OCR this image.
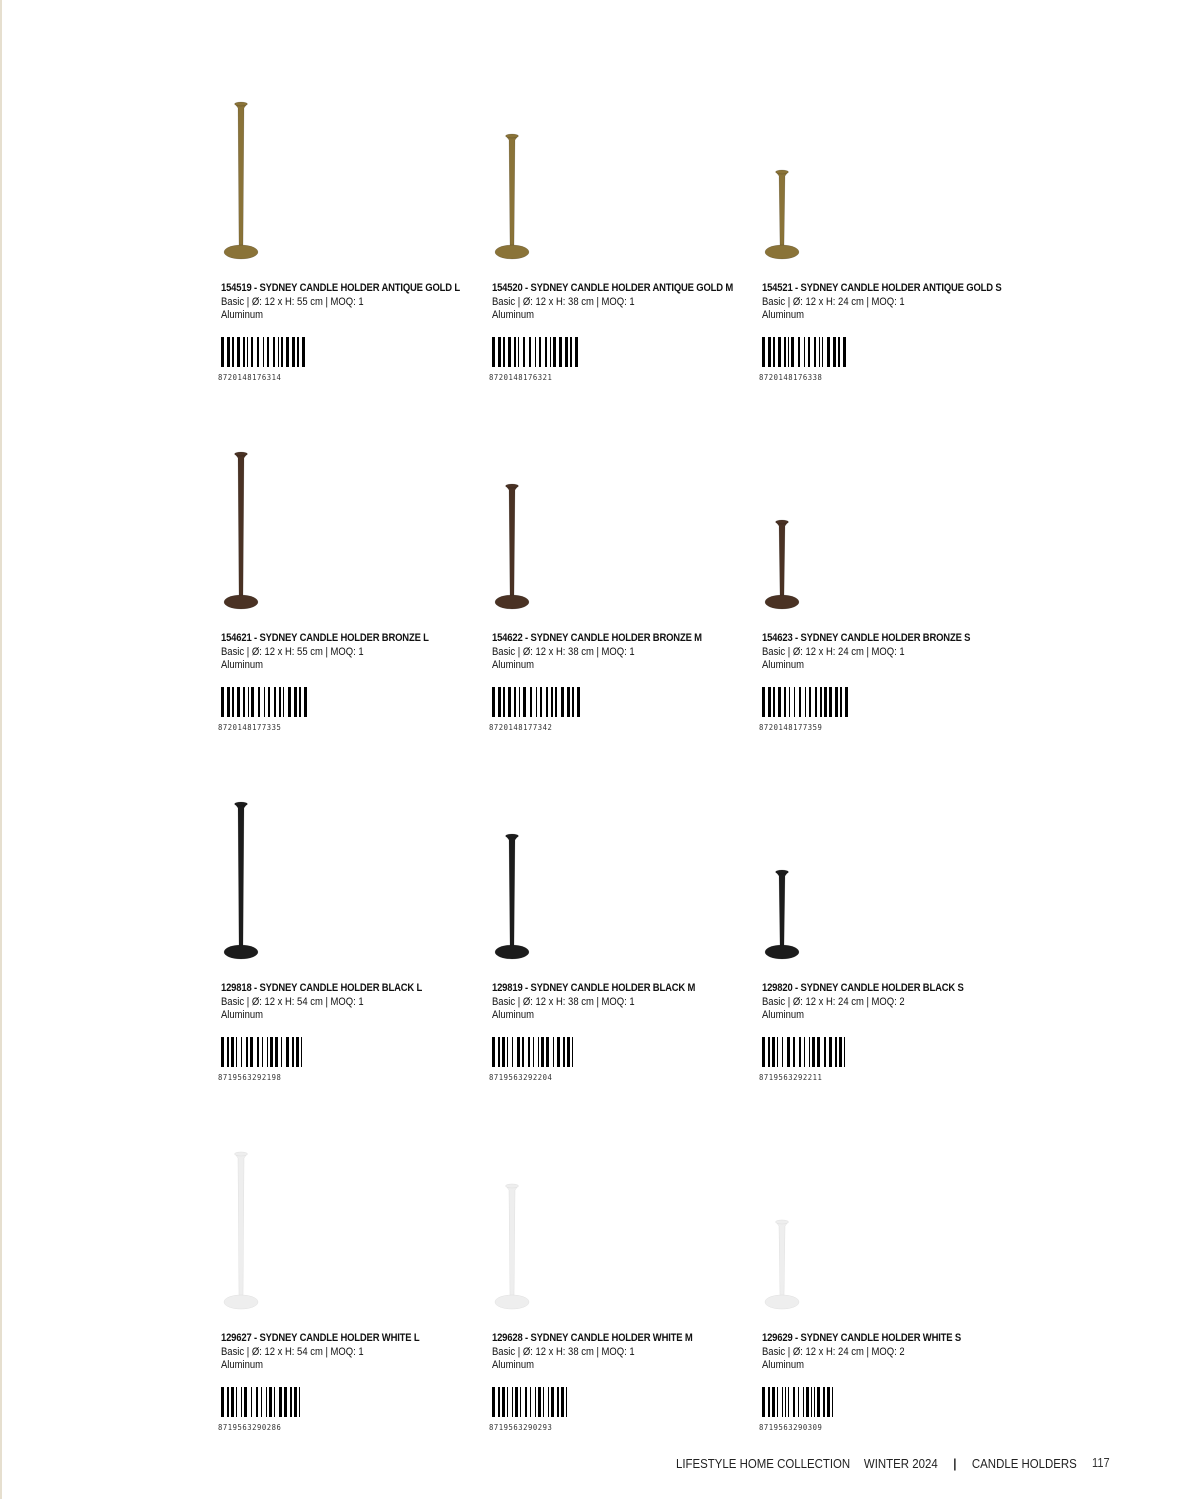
154519 - SYDNEY CANDLE HOLDER ANTIQUE GOLD L
Basic | Ø: 12 x H: 55 cm | MOQ: 1
Aluminum
8720148176314
154520 - SYDNEY CANDLE HOLDER ANTIQUE GOLD M
Basic | Ø: 12 x H: 38 cm | MOQ: 1
Aluminum
8720148176321
154521 - SYDNEY CANDLE HOLDER ANTIQUE GOLD S
Basic | Ø: 12 x H: 24 cm | MOQ: 1
Aluminum
8720148176338
154621 - SYDNEY CANDLE HOLDER BRONZE L
Basic | Ø: 12 x H: 55 cm | MOQ: 1
Aluminum
8720148177335
154622 - SYDNEY CANDLE HOLDER BRONZE M
Basic | Ø: 12 x H: 38 cm | MOQ: 1
Aluminum
8720148177342
154623 - SYDNEY CANDLE HOLDER BRONZE S
Basic | Ø: 12 x H: 24 cm | MOQ: 1
Aluminum
8720148177359
129818 - SYDNEY CANDLE HOLDER BLACK L
Basic | Ø: 12 x H: 54 cm | MOQ: 1
Aluminum
8719563292198
129819 - SYDNEY CANDLE HOLDER BLACK M
Basic | Ø: 12 x H: 38 cm | MOQ: 1
Aluminum
8719563292204
129820 - SYDNEY CANDLE HOLDER BLACK S
Basic | Ø: 12 x H: 24 cm | MOQ: 2
Aluminum
8719563292211
129627 - SYDNEY CANDLE HOLDER WHITE L
Basic | Ø: 12 x H: 54 cm | MOQ: 1
Aluminum
8719563290286
129628 - SYDNEY CANDLE HOLDER WHITE M
Basic | Ø: 12 x H: 38 cm | MOQ: 1
Aluminum
8719563290293
129629 - SYDNEY CANDLE HOLDER WHITE S
Basic | Ø: 12 x H: 24 cm | MOQ: 2
Aluminum
8719563290309
LIFESTYLE HOME COLLECTION WINTER 2024 | CANDLE HOLDERS 117
